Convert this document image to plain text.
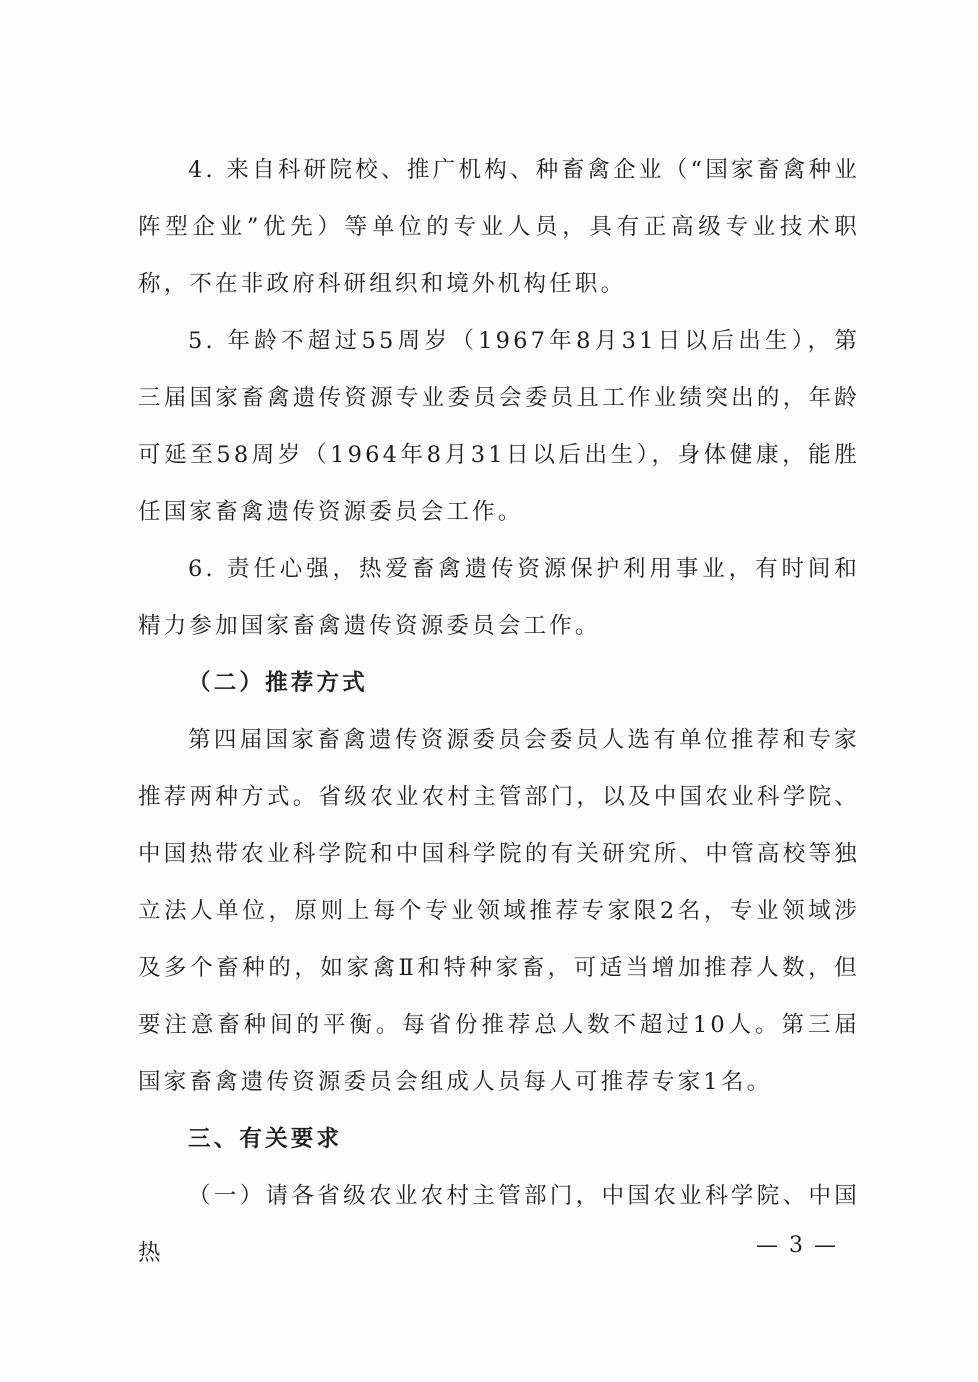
4. 来自科研院校、推广机构、种畜禽企业（“国家畜禽种业阵型企业”优先）等单位的专业人员，具有正高级专业技术职称，不在非政府科研组织和境外机构任职。

5. 年龄不超过55周岁（1967年8月31日以后出生），第三届国家畜禽遗传资源专业委员会委员且工作业绩突出的，年龄可延至58周岁（1964年8月31日以后出生），身体健康，能胜任国家畜禽遗传资源委员会工作。

6. 责任心强，热爱畜禽遗传资源保护利用事业，有时间和精力参加国家畜禽遗传资源委员会工作。

（二）推荐方式

第四届国家畜禽遗传资源委员会委员人选有单位推荐和专家推荐两种方式。省级农业农村主管部门，以及中国农业科学院、中国热带农业科学院和中国科学院的有关研究所、中管高校等独立法人单位，原则上每个专业领域推荐专家限2名，专业领域涉及多个畜种的，如家禽Ⅱ和特种家畜，可适当增加推荐人数，但要注意畜种间的平衡。每省份推荐总人数不超过10人。第三届国家畜禽遗传资源委员会组成人员每人可推荐专家1名。

三、有关要求

（一）请各省级农业农村主管部门，中国农业科学院、中国热	— 3 —
